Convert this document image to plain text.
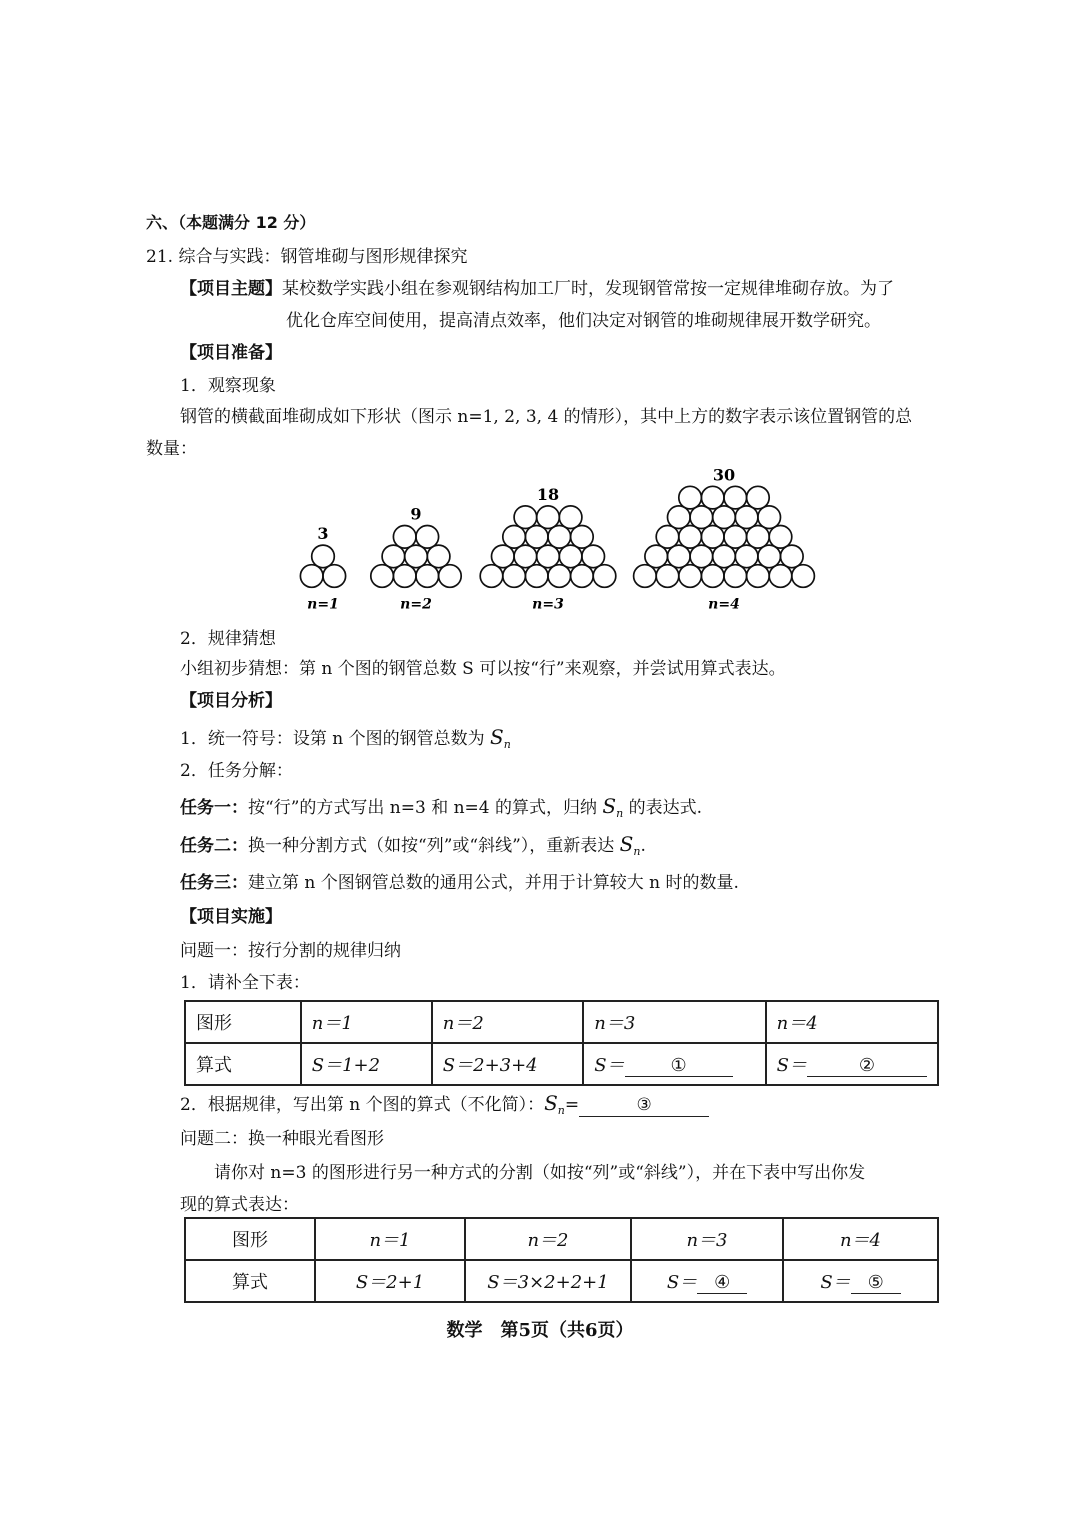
六、（本题满分 12 分）
21. 综合与实践：钢管堆砌与图形规律探究
【项目主题】某校数学实践小组在参观钢结构加工厂时，发现钢管常按一定规律堆砌存放。为了
优化仓库空间使用，提高清点效率，他们决定对钢管的堆砌规律展开数学研究。
【项目准备】
1．观察现象
钢管的横截面堆砌成如下形状（图示 n=1, 2, 3, 4 的情形），其中上方的数字表示该位置钢管的总
数量：
3
n=1
9
n=2
18
n=3
30
n=4
2．规律猜想
小组初步猜想：第 n 个图的钢管总数 S 可以按“行”来观察，并尝试用算式表达。
【项目分析】
1．统一符号：设第 n 个图的钢管总数为 $S_n$
2．任务分解：
任务一：按“行”的方式写出 n=3 和 n=4 的算式，归纳 $S_n$ 的表达式.
任务二：换一种分割方式（如按“列”或“斜线”），重新表达 $S_n$.
任务三：建立第 n 个图钢管总数的通用公式，并用于计算较大 n 时的数量.
【项目实施】
问题一：按行分割的规律归纳
1．请补全下表：
图形	n＝1	n＝2	n＝3	n＝4
算式	S＝1+2	S＝2+3+4	S＝ ①	S＝ ②
2．根据规律，写出第 n 个图的算式（不化简）：$S_n=$	③
问题二：换一种眼光看图形
请你对 n=3 的图形进行另一种方式的分割（如按“列”或“斜线”），并在下表中写出你发
现的算式表达：
图形	n＝1	n＝2	n＝3	n＝4
算式	S＝2+1	S＝3×2+2+1	S＝ ④	S＝ ⑤
数学　第5页（共6页）
